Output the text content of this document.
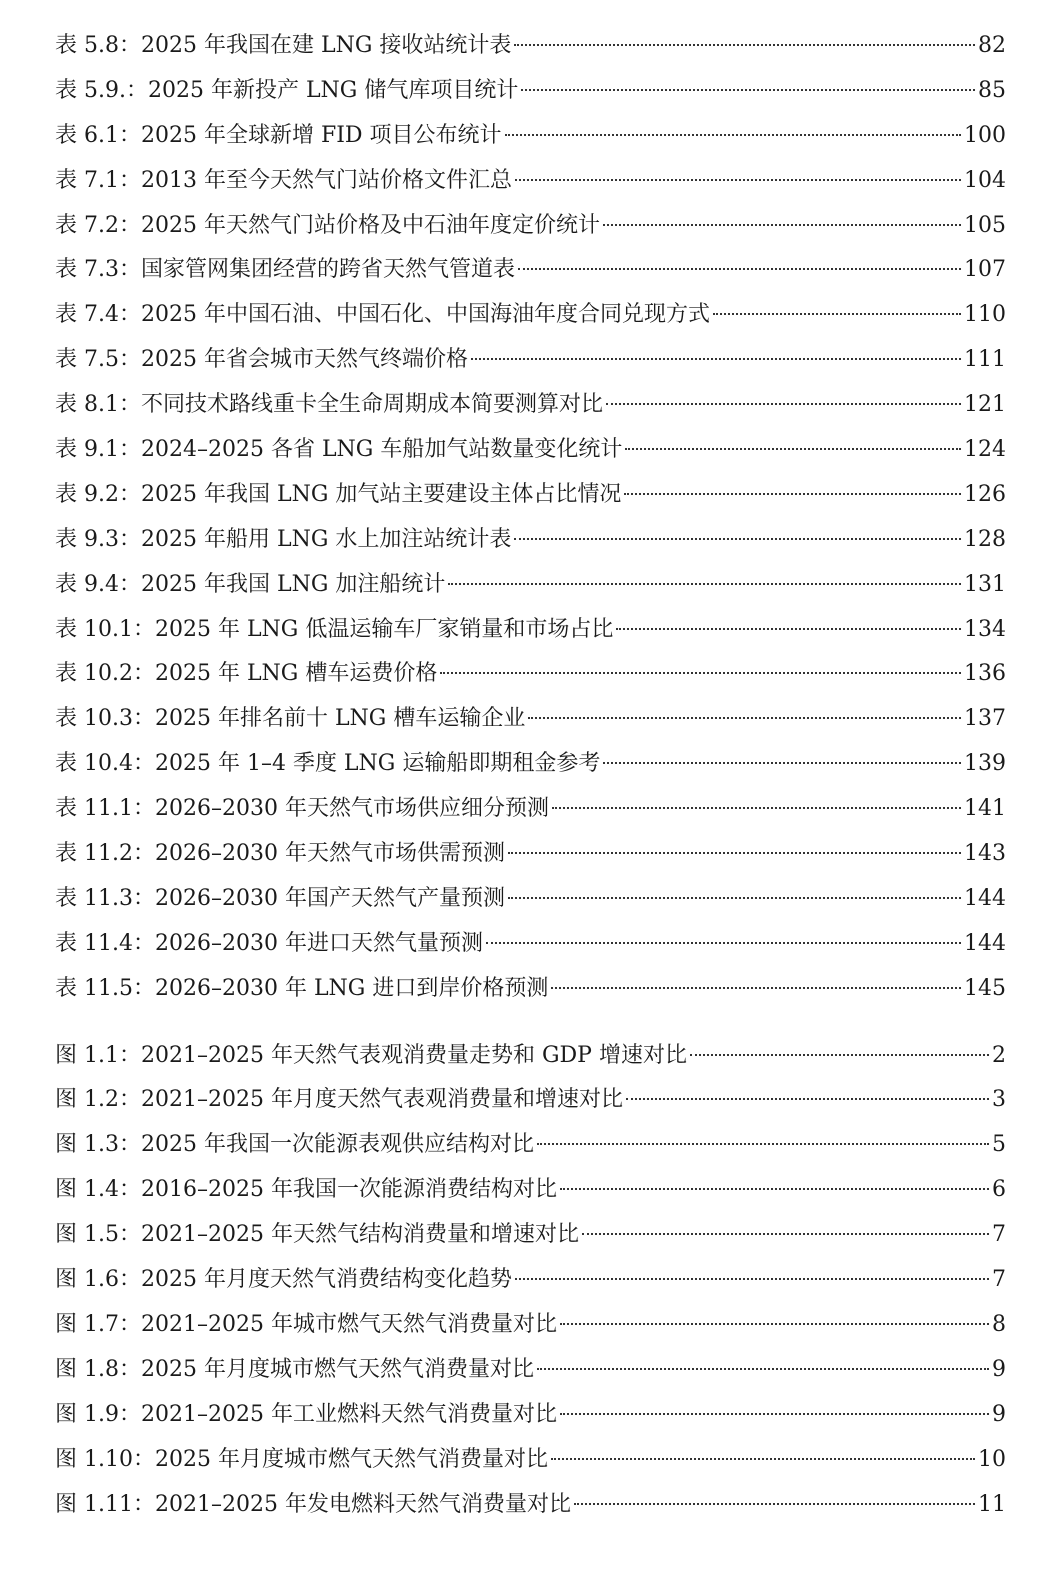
表 5.8：2025 年我国在建 LNG 接收站统计表	82
表 5.9.：2025 年新投产 LNG 储气库项目统计	85
表 6.1：2025 年全球新增 FID 项目公布统计	100
表 7.1：2013 年至今天然气门站价格文件汇总	104
表 7.2：2025 年天然气门站价格及中石油年度定价统计	105
表 7.3：国家管网集团经营的跨省天然气管道表	107
表 7.4：2025 年中国石油、中国石化、中国海油年度合同兑现方式	110
表 7.5：2025 年省会城市天然气终端价格	111
表 8.1：不同技术路线重卡全生命周期成本简要测算对比	121
表 9.1：2024–2025 各省 LNG 车船加气站数量变化统计	124
表 9.2：2025 年我国 LNG 加气站主要建设主体占比情况	126
表 9.3：2025 年船用 LNG 水上加注站统计表	128
表 9.4：2025 年我国 LNG 加注船统计	131
表 10.1：2025 年 LNG 低温运输车厂家销量和市场占比	134
表 10.2：2025 年 LNG 槽车运费价格	136
表 10.3：2025 年排名前十 LNG 槽车运输企业	137
表 10.4：2025 年 1–4 季度 LNG 运输船即期租金参考	139
表 11.1：2026–2030 年天然气市场供应细分预测	141
表 11.2：2026–2030 年天然气市场供需预测	143
表 11.3：2026–2030 年国产天然气产量预测	144
表 11.4：2026–2030 年进口天然气量预测	144
表 11.5：2026–2030 年 LNG 进口到岸价格预测	145
图 1.1：2021–2025 年天然气表观消费量走势和 GDP 增速对比	2
图 1.2：2021–2025 年月度天然气表观消费量和增速对比	3
图 1.3：2025 年我国一次能源表观供应结构对比	5
图 1.4：2016–2025 年我国一次能源消费结构对比	6
图 1.5：2021–2025 年天然气结构消费量和增速对比	7
图 1.6：2025 年月度天然气消费结构变化趋势	7
图 1.7：2021–2025 年城市燃气天然气消费量对比	8
图 1.8：2025 年月度城市燃气天然气消费量对比	9
图 1.9：2021–2025 年工业燃料天然气消费量对比	9
图 1.10：2025 年月度城市燃气天然气消费量对比	10
图 1.11：2021–2025 年发电燃料天然气消费量对比	11
